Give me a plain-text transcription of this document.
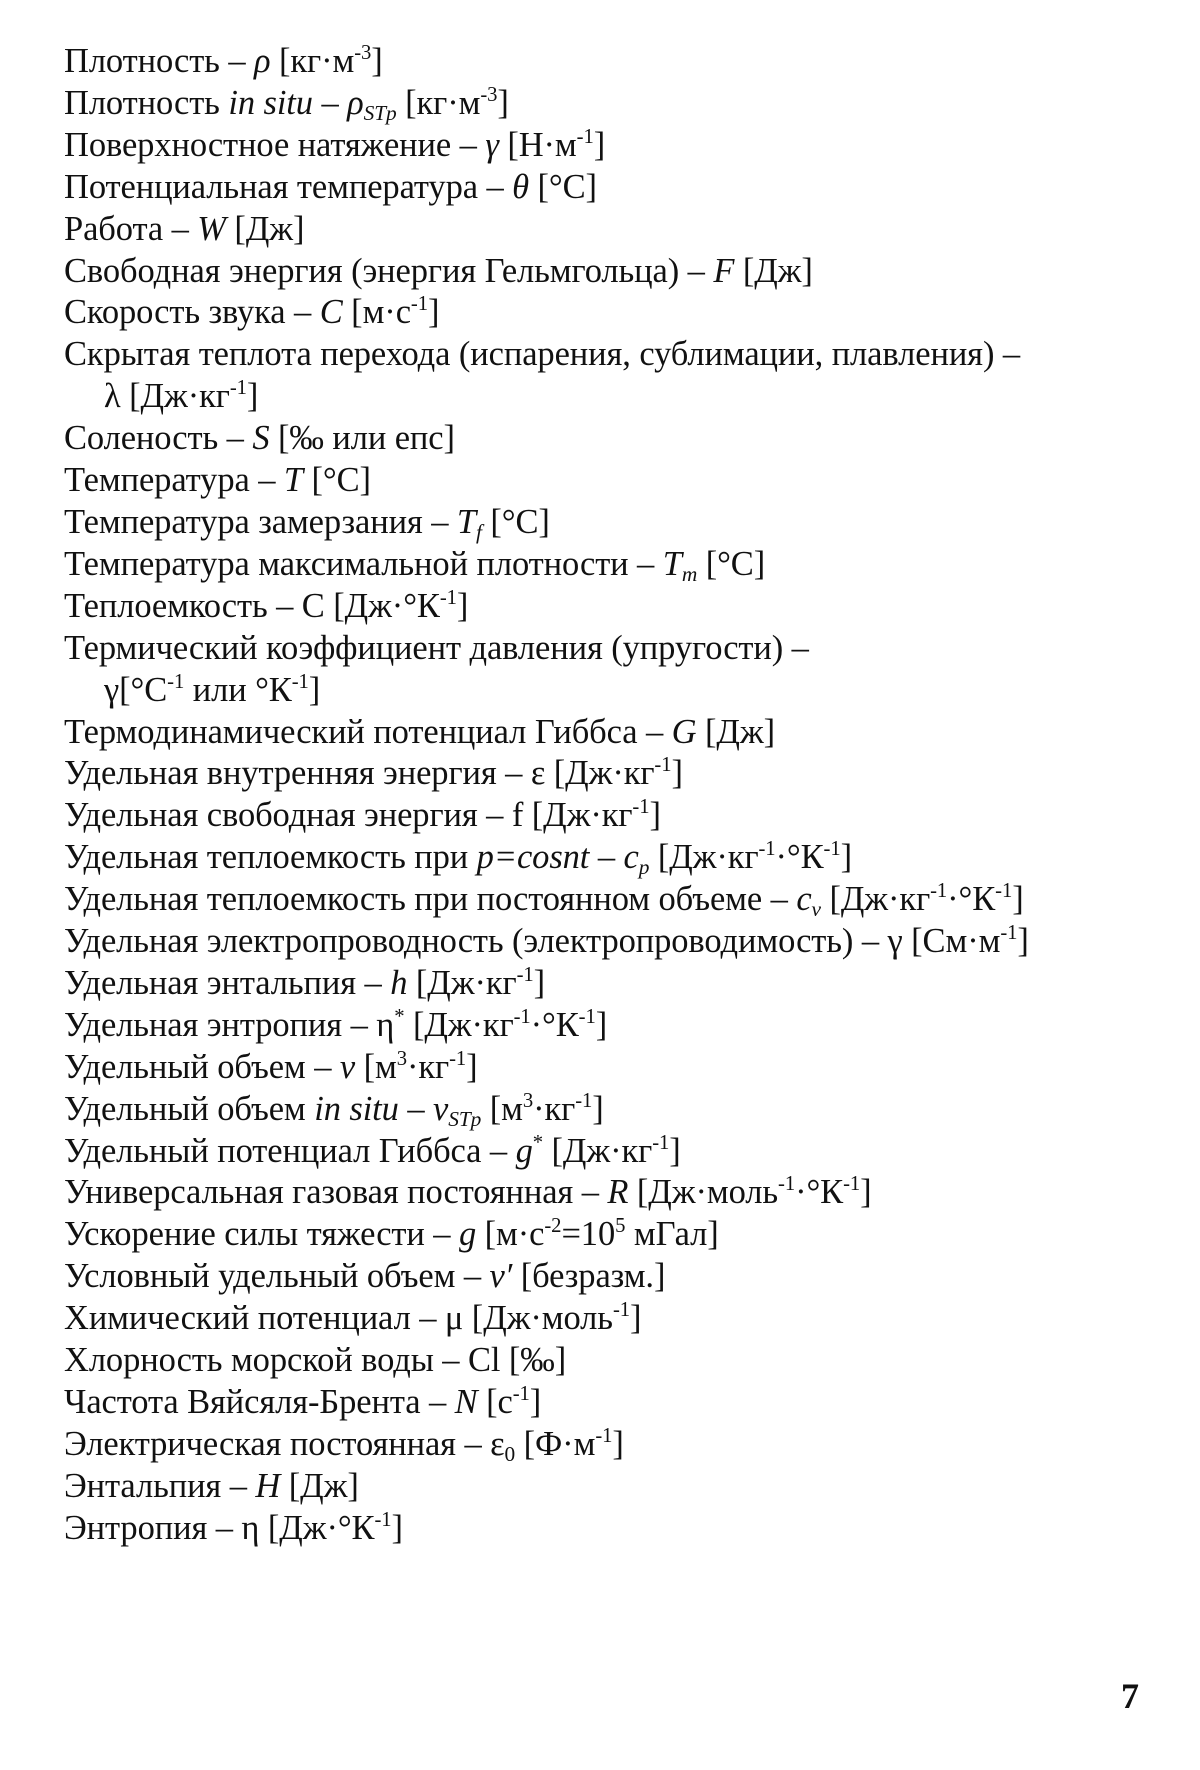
Плотность – ρ $[кг\cdot м^{-3}]$
Плотность in situ – $\rho_{STp}$ $[кг\cdot м^{-3}]$
Поверхностное натяжение – γ $[Н\cdot м^{-1}]$
Потенциальная температура – θ [°С]
Работа – W [Дж]
Свободная энергия (энергия Гельмгольца) – F [Дж]
Скорость звука – C $[м\cdot с^{-1}]$
Скрытая теплота перехода (испарения, сублимации, плавления) –
λ $[Дж\cdot кг^{-1}]$
Соленость – S [‰ или епс]
Температура – T [°С]
Температура замерзания – $T_f$ [°С]
Температура максимальной плотности – $T_m$ [°С]
Теплоемкость – С $[Дж\cdot^\circ К^{-1}]$
Термический коэффициент давления (упругости) –
$\gamma[^\circ С^{-1}$ или $^\circ К^{-1}$]
Термодинамический потенциал Гиббса – G [Дж]
Удельная внутренняя энергия – ε $[Дж\cdot кг^{-1}]$
Удельная свободная энергия – f $[Дж\cdot кг^{-1}]$
Удельная теплоемкость при p=cosnt – $c_p$ $[Дж\cdot кг^{-1}\cdot^\circ К^{-1}]$
Удельная теплоемкость при постоянном объеме – $c_v$ $[Дж\cdot кг^{-1}\cdot^\circ К^{-1}]$
Удельная электропроводность (электропроводимость) – γ $[См\cdot м^{-1}]$
Удельная энтальпия – h $[Дж\cdot кг^{-1}]$
Удельная энтропия – η* $[Дж\cdot кг^{-1}\cdot^\circ К^{-1}]$
Удельный объем – v $[м^3\cdot кг^{-1}]$
Удельный объем in situ – $v_{STp}$ $[м^3\cdot кг^{-1}]$
Удельный потенциал Гиббса – g* $[Дж\cdot кг^{-1}]$
Универсальная газовая постоянная – R $[Дж\cdot моль^{-1}\cdot^\circ К^{-1}]$
Ускорение силы тяжести – g [$м\cdot с^{-2}=10^5$ мГал]
Условный удельный объем – v′ [безразм.]
Химический потенциал – μ [Дж·моль$^{-1}$]
Хлорность морской воды – Cl [‰]
Частота Вяйсяля-Брента – N $[с^{-1}]$
Электрическая постоянная – $\varepsilon_0$ $[Ф\cdot м^{-1}]$
Энтальпия – H [Дж]
Энтропия – η $[Дж\cdot^\circ К^{-1}]$
7
